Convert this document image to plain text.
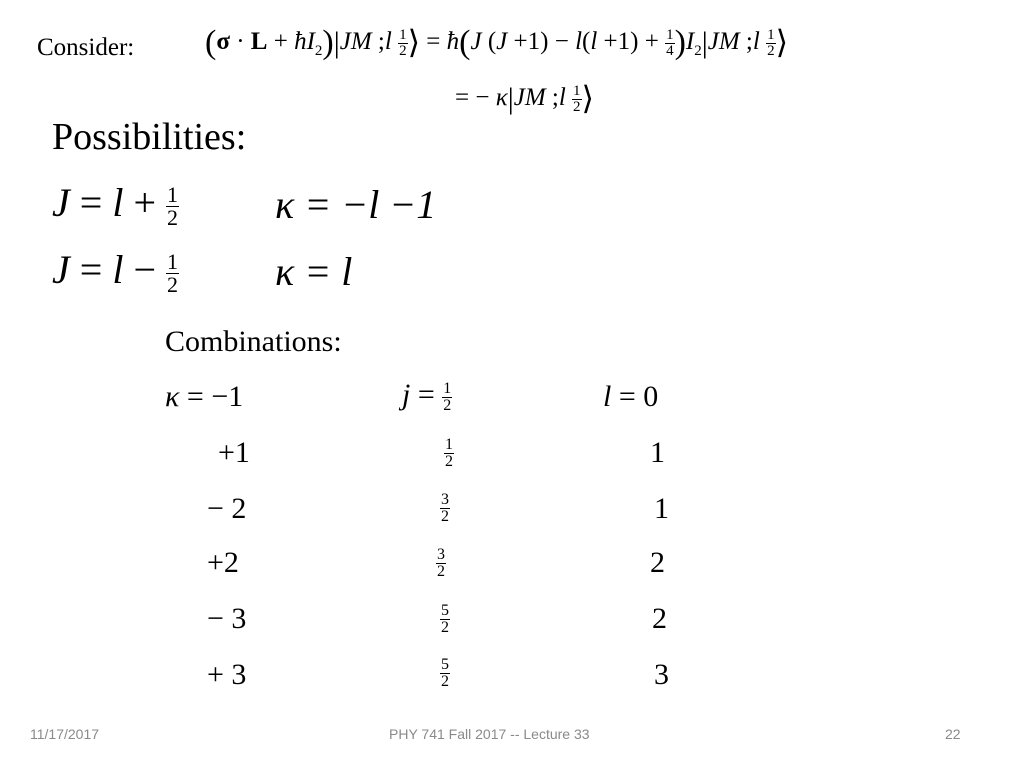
Consider: $(\sigma \cdot L + ħI_2)|JM$ ;l $\frac{1}{2}$ ⟩ = ħ(J $(J +1) - l(l +1) + \frac{1}{4} )I_2|JM$ ;l $\frac{1}{2}$ ⟩
= − κ|JM ;l $\frac{1}{2}$ ⟩
Possibilities:
$J = l + \frac{1}{2}$ κ = −l −1
$J = l - \frac{1}{2}$ κ = l
Combinations:
κ = −1	$j = \frac{1}{2}$	l = 0
+1	$\frac{1}{2}$	1
− 2	$\frac{3}{2}$	1
+2	$\frac{3}{2}$	2
− 3	$\frac{5}{2}$	2
+ 3	$\frac{5}{2}$	3
11/17/2017	PHY 741 Fall 2017 -- Lecture 33	22
